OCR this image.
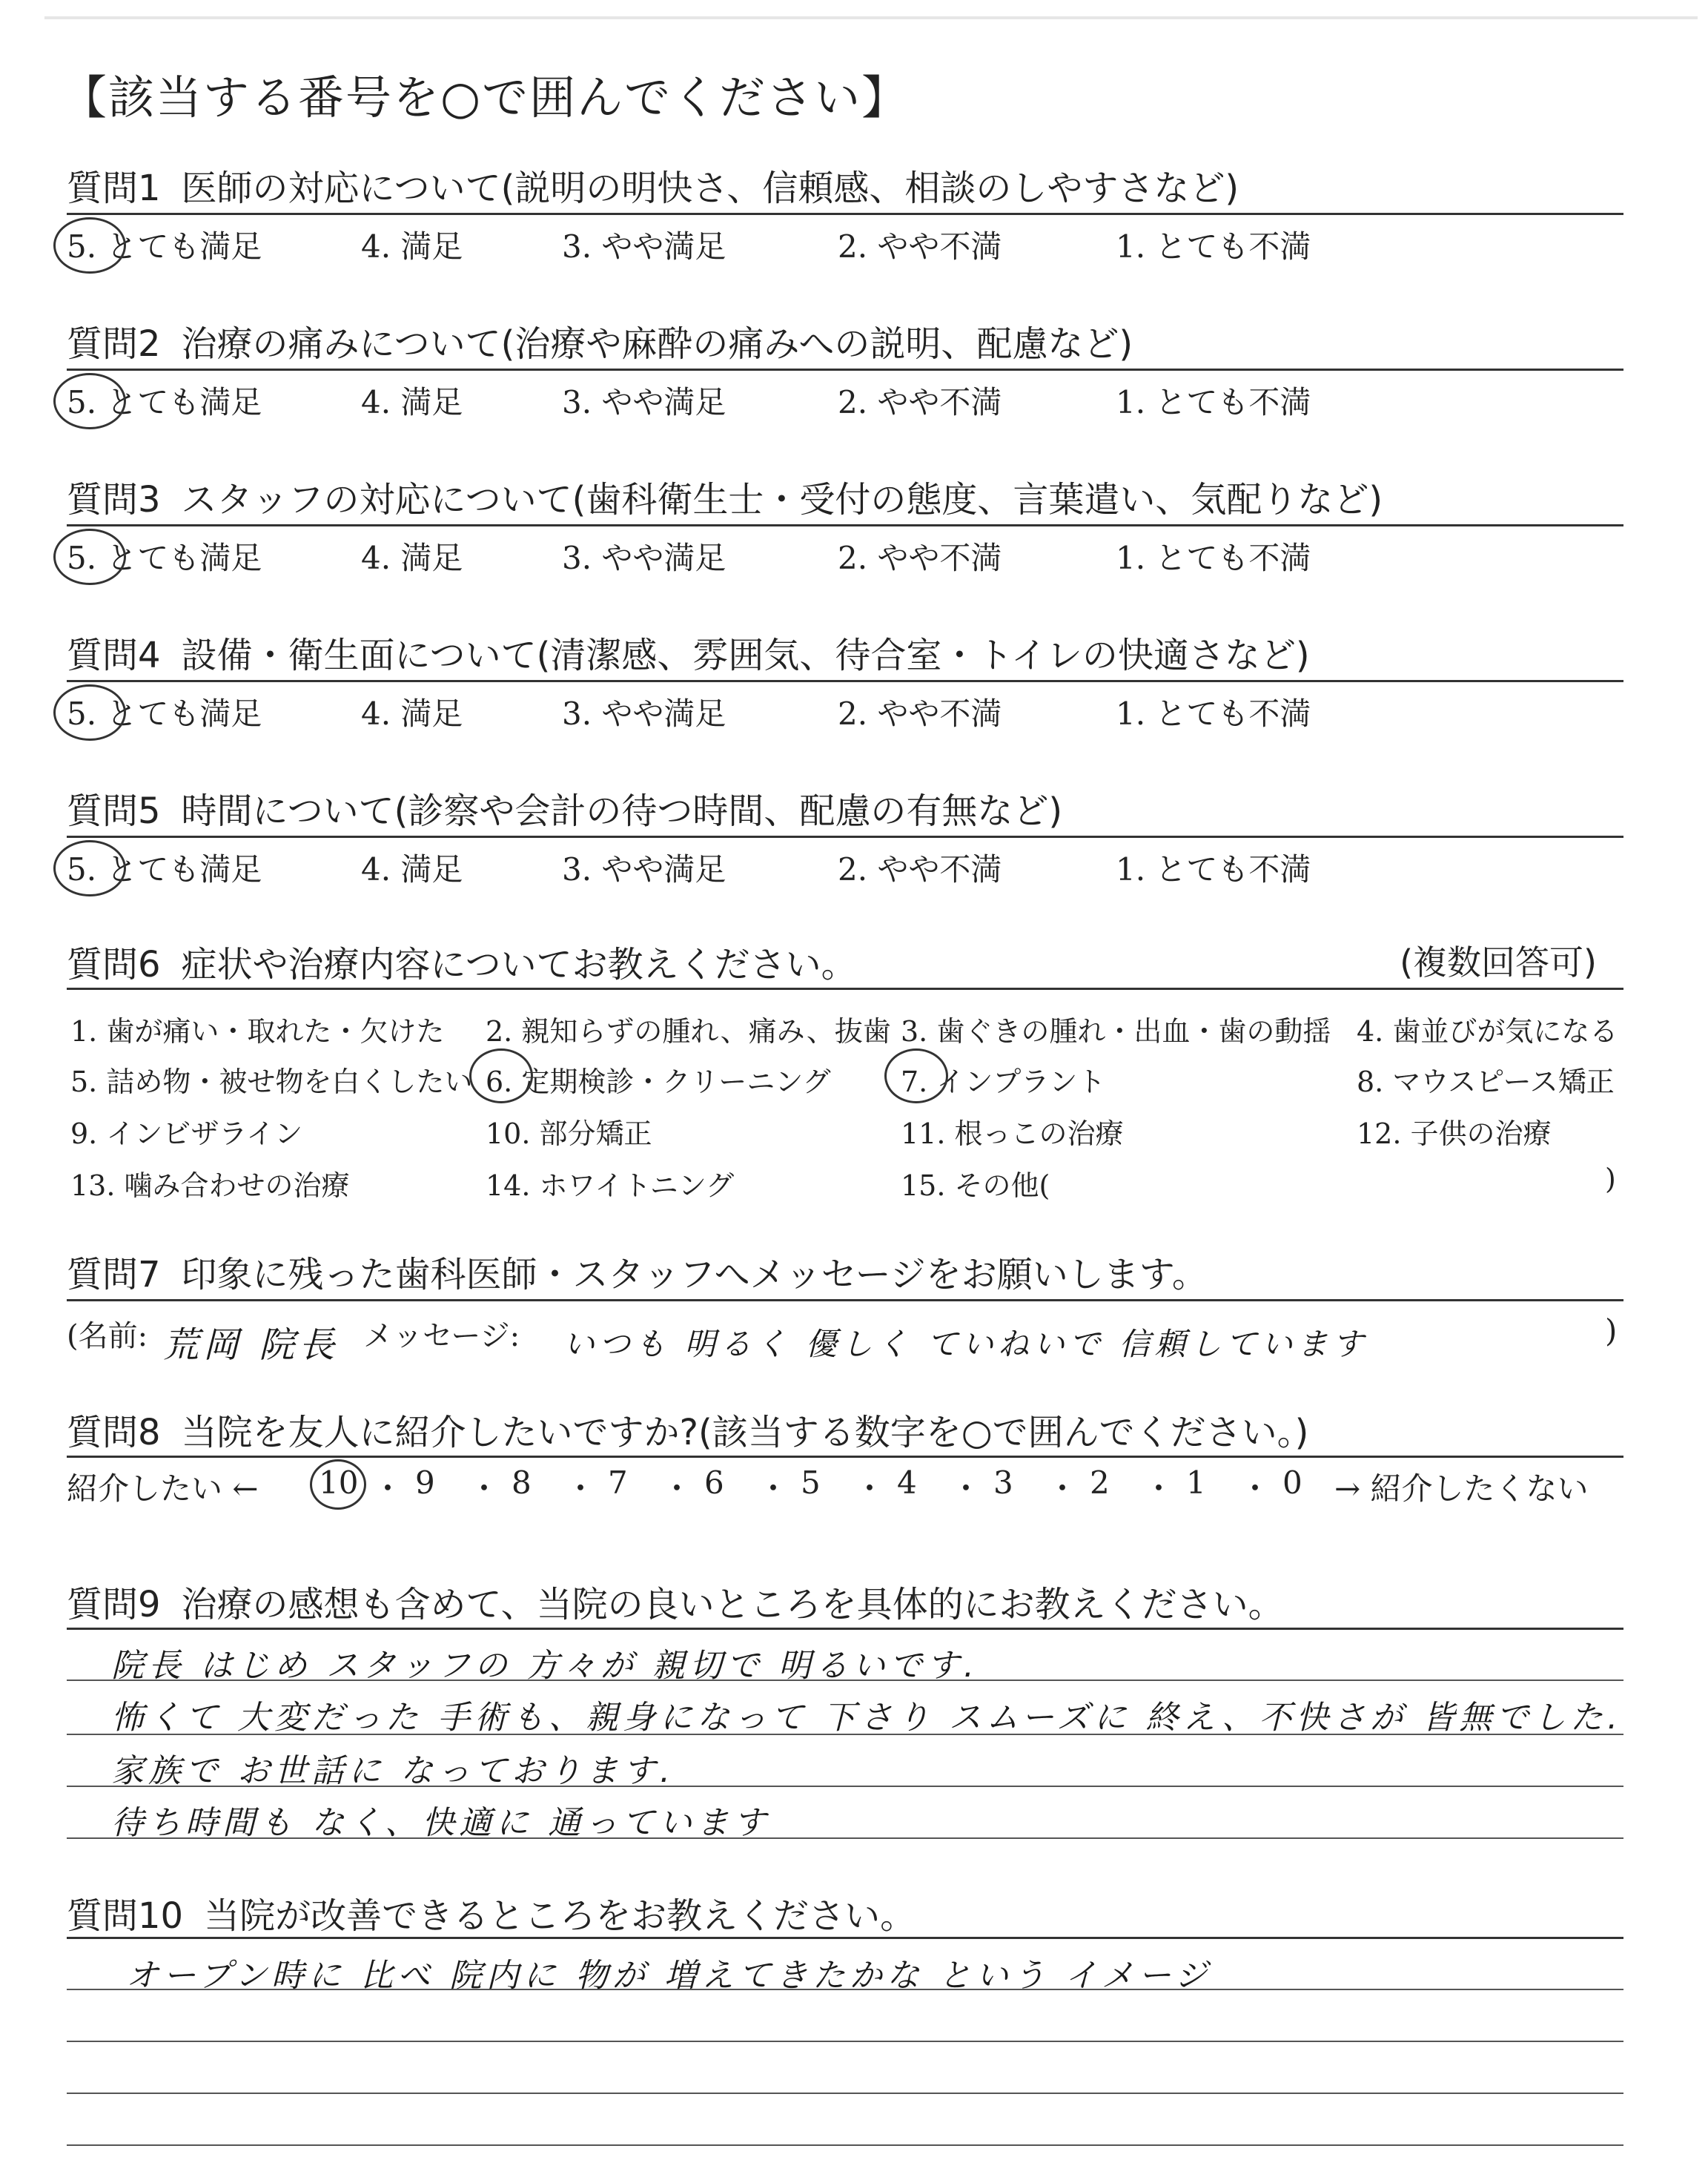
【該当する番号を○で囲んでください】
質問6 症状や治療内容についてお教えください。	(複数回答可)
質問7 印象に残った歯科医師・スタッフへメッセージをお願いします。
(名前: 荒岡 院長 メッセージ: いつも 明るく 優しく ていねいで 信頼しています	)
質問8 当院を友人に紹介したいですか?(該当する数字を○で囲んでください。)
紹介したい ←	→ 紹介したくない
質問9 治療の感想も含めて、当院の良いところを具体的にお教えください。
質問10 当院が改善できるところをお教えください。
質問1 医師の対応について(説明の明快さ、信頼感、相談のしやすさなど)
5. とても満足	4. 満足	3. やや満足	2. やや不満	1. とても不満
質問2 治療の痛みについて(治療や麻酔の痛みへの説明、配慮など)
5. とても満足	4. 満足	3. やや満足	2. やや不満	1. とても不満
質問3 スタッフの対応について(歯科衛生士・受付の態度、言葉遣い、気配りなど)
5. とても満足	4. 満足	3. やや満足	2. やや不満	1. とても不満
質問4 設備・衛生面について(清潔感、雰囲気、待合室・トイレの快適さなど)
5. とても満足	4. 満足	3. やや満足	2. やや不満	1. とても不満
質問5 時間について(診察や会計の待つ時間、配慮の有無など)
5. とても満足	4. 満足	3. やや満足	2. やや不満	1. とても不満
1. 歯が痛い・取れた・欠けた 2. 親知らずの腫れ、痛み、抜歯 3. 歯ぐきの腫れ・出血・歯の動揺 4. 歯並びが気になる
5. 詰め物・被せ物を白くしたい 6. 定期検診・クリーニング 7. インプラント	8. マウスピース矯正
9. インビザライン	10. 部分矯正	11. 根っこの治療	12. 子供の治療
13. 噛み合わせの治療	14. ホワイトニング	15. その他(	)
10 ・ 9 ・ 8 ・ 7 ・ 6 ・ 5 ・ 4 ・ 3 ・ 2 ・ 1 ・ 0
院長 はじめ スタッフの 方々が 親切で 明るいです.
怖くて 大変だった 手術も、親身になって 下さり スムーズに 終え、不快さが 皆無でした.
家族で お世話に なっております.
待ち時間も なく、快適に 通っています
オープン時に 比べ 院内に 物が 増えてきたかな という イメージ
